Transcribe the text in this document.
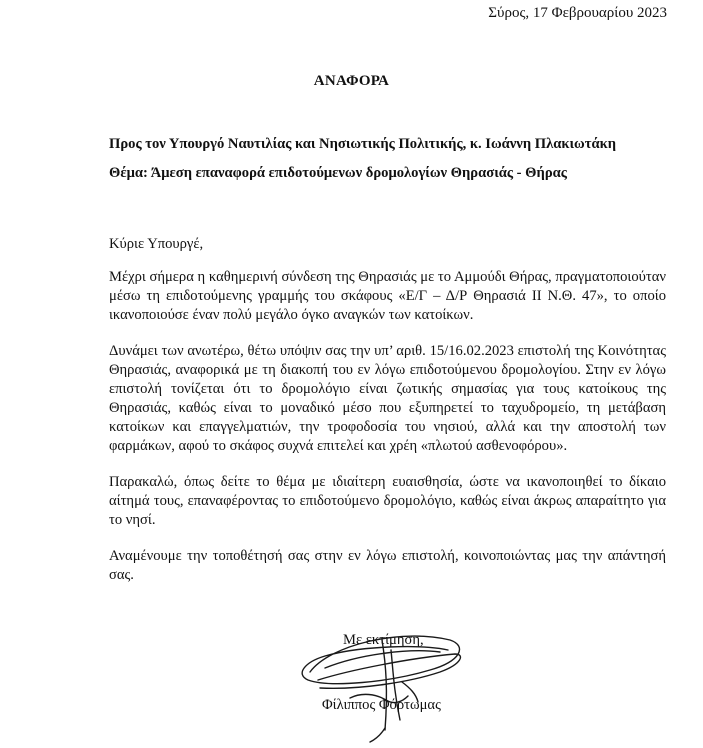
Σύρος, 17 Φεβρουαρίου 2023
ΑΝΑΦΟΡΑ
Προς τον Υπουργό Ναυτιλίας και Νησιωτικής Πολιτικής, κ. Ιωάννη Πλακιωτάκη
Θέμα: Άμεση επαναφορά επιδοτούμενων δρομολογίων Θηρασιάς - Θήρας
Κύριε Υπουργέ,
Μέχρι σήμερα η καθημερινή σύνδεση της Θηρασιάς με το Αμμούδι Θήρας, πραγματοποιούταν μέσω τη επιδοτούμενης γραμμής του σκάφους «Ε/Γ – Δ/Ρ Θηρασιά ΙΙ Ν.Θ. 47», το οποίο ικανοποιούσε έναν πολύ μεγάλο όγκο αναγκών των κατοίκων.
Δυνάμει των ανωτέρω, θέτω υπόψιν σας την υπ’ αριθ. 15/16.02.2023 επιστολή της Κοινότητας Θηρασιάς, αναφορικά με τη διακοπή του εν λόγω επιδοτούμενου δρομολογίου. Στην εν λόγω επιστολή τονίζεται ότι το δρομολόγιο είναι ζωτικής σημασίας για τους κατοίκους της Θηρασιάς, καθώς είναι το μοναδικό μέσο που εξυπηρετεί το ταχυδρομείο, τη μετάβαση κατοίκων και επαγγελματιών, την τροφοδοσία του νησιού, αλλά και την αποστολή των φαρμάκων, αφού το σκάφος συχνά επιτελεί και χρέη «πλωτού ασθενοφόρου».
Παρακαλώ, όπως δείτε το θέμα με ιδιαίτερη ευαισθησία, ώστε να ικανοποιηθεί το δίκαιο αίτημά τους, επαναφέροντας το επιδοτούμενο δρομολόγιο, καθώς είναι άκρως απαραίτητο για το νησί.
Αναμένουμε την τοποθέτησή σας στην εν λόγω επιστολή, κοινοποιώντας μας την απάντησή σας.
Με εκτίμηση,
Φίλιππος Φόρτωμας
